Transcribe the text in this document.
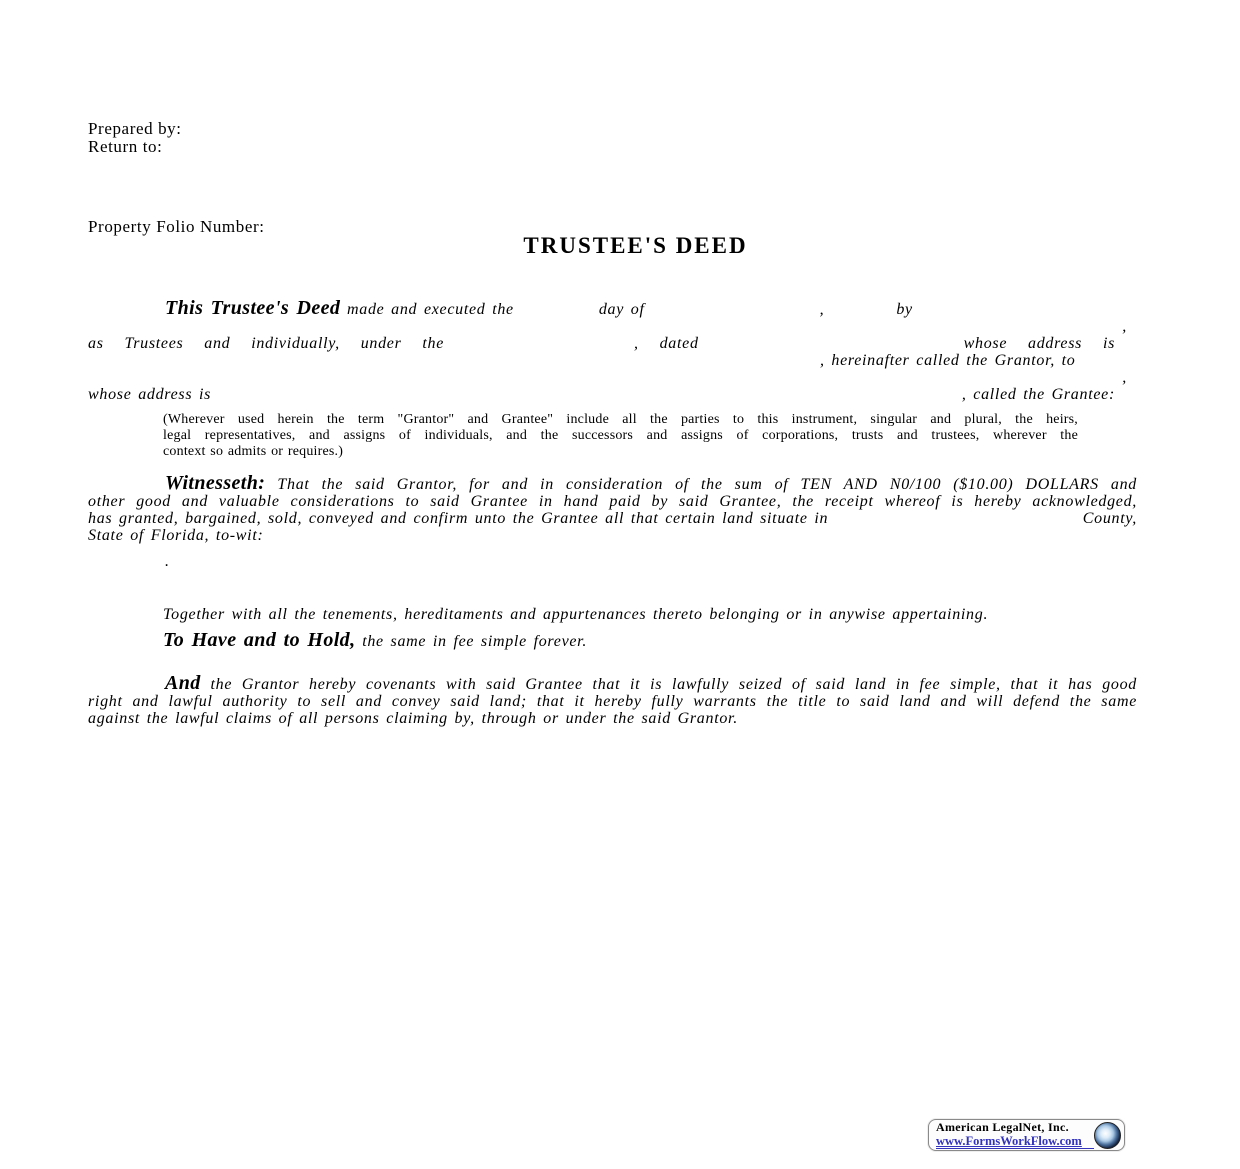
Prepared by:
Return to:
Property Folio Number:
TRUSTEE'S DEED
This Trustee's Deed made and executed the	day of	,	by
,
as Trustees and individually, under the	, dated	whose address is
, hereinafter called the Grantor, to
,
whose address is	, called the Grantee:
(Wherever used herein the term "Grantor" and Grantee" include all the parties to this instrument, singular and plural, the heirs,
legal representatives, and assigns of individuals, and the successors and assigns of corporations, trusts and trustees, wherever the
context so admits or requires.)
Witnesseth: That the said Grantor, for and in consideration of the sum of TEN AND N0/100 ($10.00) DOLLARS and
other good and valuable considerations to said Grantee in hand paid by said Grantee, the receipt whereof is hereby acknowledged,
has granted, bargained, sold, conveyed and confirm unto the Grantee all that certain land situate in	County,
State of Florida, to-wit:
.
Together with all the tenements, hereditaments and appurtenances thereto belonging or in anywise appertaining.
To Have and to Hold, the same in fee simple forever.
And the Grantor hereby covenants with said Grantee that it is lawfully seized of said land in fee simple, that it has good
right and lawful authority to sell and convey said land; that it hereby fully warrants the title to said land and will defend the same
against the lawful claims of all persons claiming by, through or under the said Grantor.
American LegalNet, Inc.
www.FormsWorkFlow.com
